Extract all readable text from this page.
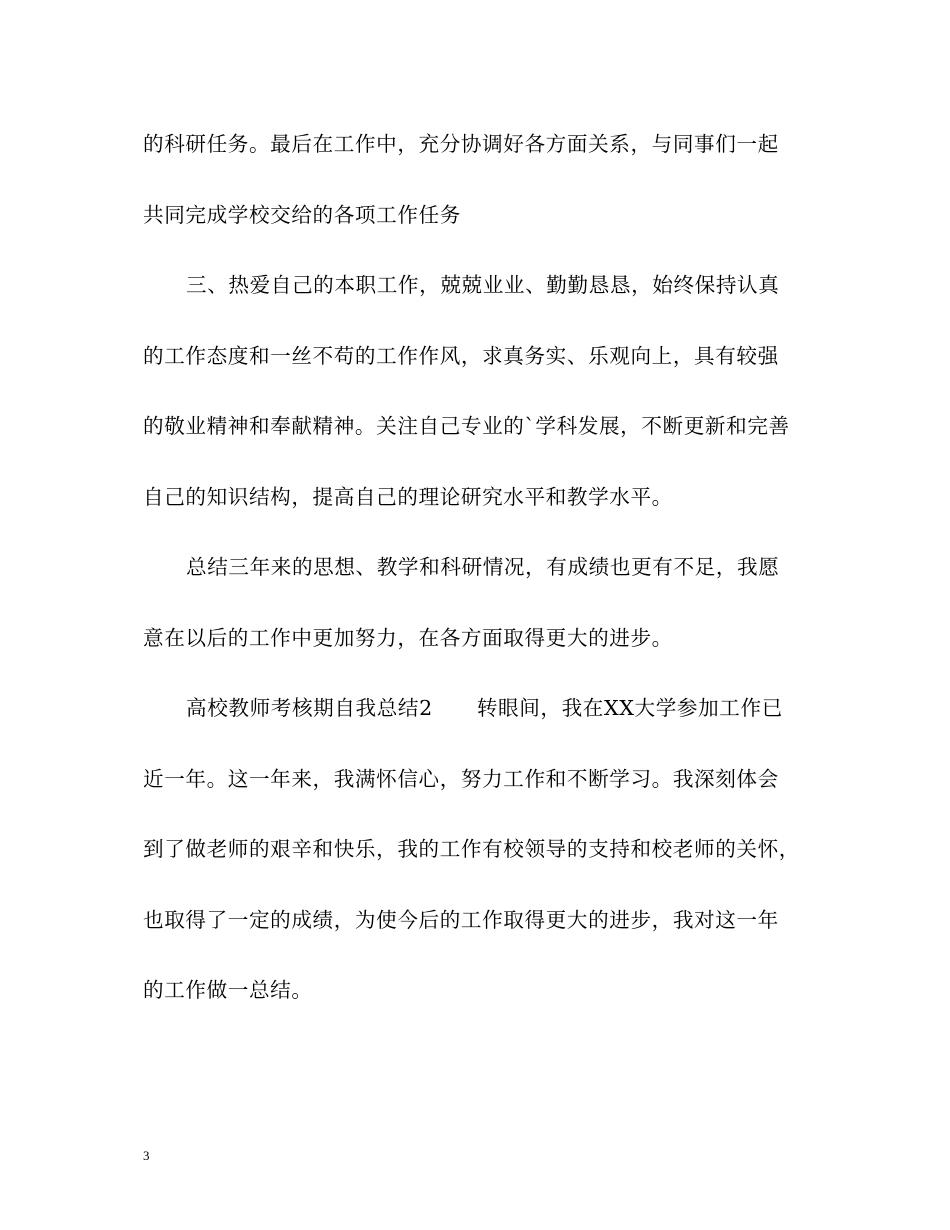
的科研任务。最后在工作中，充分协调好各方面关系，与同事们一起
共同完成学校交给的各项工作任务
三、热爱自己的本职工作，兢兢业业、勤勤恳恳，始终保持认真
的工作态度和一丝不苟的工作作风，求真务实、乐观向上，具有较强
的敬业精神和奉献精神。关注自己专业的`学科发展，不断更新和完善
自己的知识结构，提高自己的理论研究水平和教学水平。
总结三年来的思想、教学和科研情况，有成绩也更有不足，我愿
意在以后的工作中更加努力，在各方面取得更大的进步。
高校教师考核期自我总结2 转眼间，我在XX大学参加工作已
近一年。这一年来，我满怀信心，努力工作和不断学习。我深刻体会
到了做老师的艰辛和快乐，我的工作有校领导的支持和校老师的关怀，
也取得了一定的成绩，为使今后的工作取得更大的进步，我对这一年
的工作做一总结。
3
